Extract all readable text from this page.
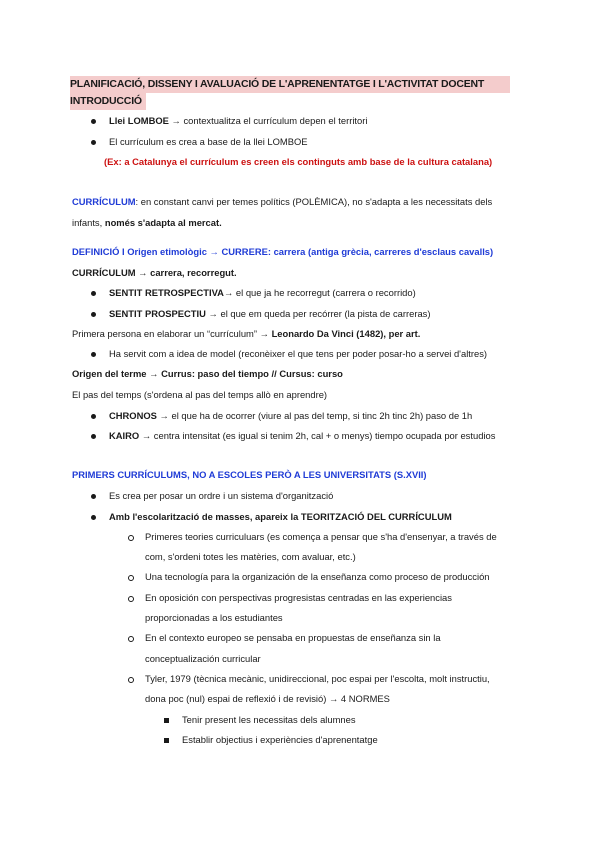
PLANIFICACIÓ, DISSENY I AVALUACIÓ DE L'APRENENTATGE I L'ACTIVITAT DOCENT
INTRODUCCIÓ
Llei LOMBOE → contextualitza el currículum depen el territori
El currículum es crea a base de la llei LOMBOE
(Ex: a Catalunya el currículum es creen els continguts amb base de la cultura catalana)
CURRÍCULUM: en constant canvi per temes polítics (POLÈMICA), no s'adapta a les necessitats dels
infants, només s'adapta al mercat.
DEFINICIÓ I Origen etimològic → CURRERE: carrera (antiga grècia, carreres d'esclaus cavalls)
CURRÍCULUM → carrera, recorregut.
SENTIT RETROSPECTIVA→ el que ja he recorregut (carrera o recorrido)
SENTIT PROSPECTIU → el que em queda per recórrer (la pista de carreras)
Primera persona en elaborar un “currículum” → Leonardo Da Vinci (1482), per art.
Ha servit com a idea de model (reconèixer el que tens per poder posar-ho a servei d'altres)
Origen del terme → Currus: paso del tiempo // Cursus: curso
El pas del temps (s'ordena al pas del temps allò en aprendre)
CHRONOS → el que ha de ocorrer (viure al pas del temp, si tinc 2h tinc 2h) paso de 1h
KAIRO → centra intensitat (es igual si tenim 2h, cal + o menys) tiempo ocupada por estudios
PRIMERS CURRÍCULUMS, NO A ESCOLES PERÒ A LES UNIVERSITATS (S.XVII)
Es crea per posar un ordre i un sistema d'organització
Amb l'escolarització de masses, apareix la TEORITZACIÓ DEL CURRÍCULUM
Primeres teories curriculuars (es comença a pensar que s'ha d'ensenyar, a través de
com, s'ordeni totes les matèries, com avaluar, etc.)
Una tecnología para la organización de la enseñanza como proceso de producción
En oposición con perspectivas progresistas centradas en las experiencias
proporcionadas a los estudiantes
En el contexto europeo se pensaba en propuestas de enseñanza sin la
conceptualización curricular
Tyler, 1979 (tècnica mecànic, unidireccional, poc espai per l'escolta, molt instructiu,
dona poc (nul) espai de reflexió i de revisió) → 4 NORMES
Tenir present les necessitas dels alumnes
Establir objectius i experiències d'aprenentatge
